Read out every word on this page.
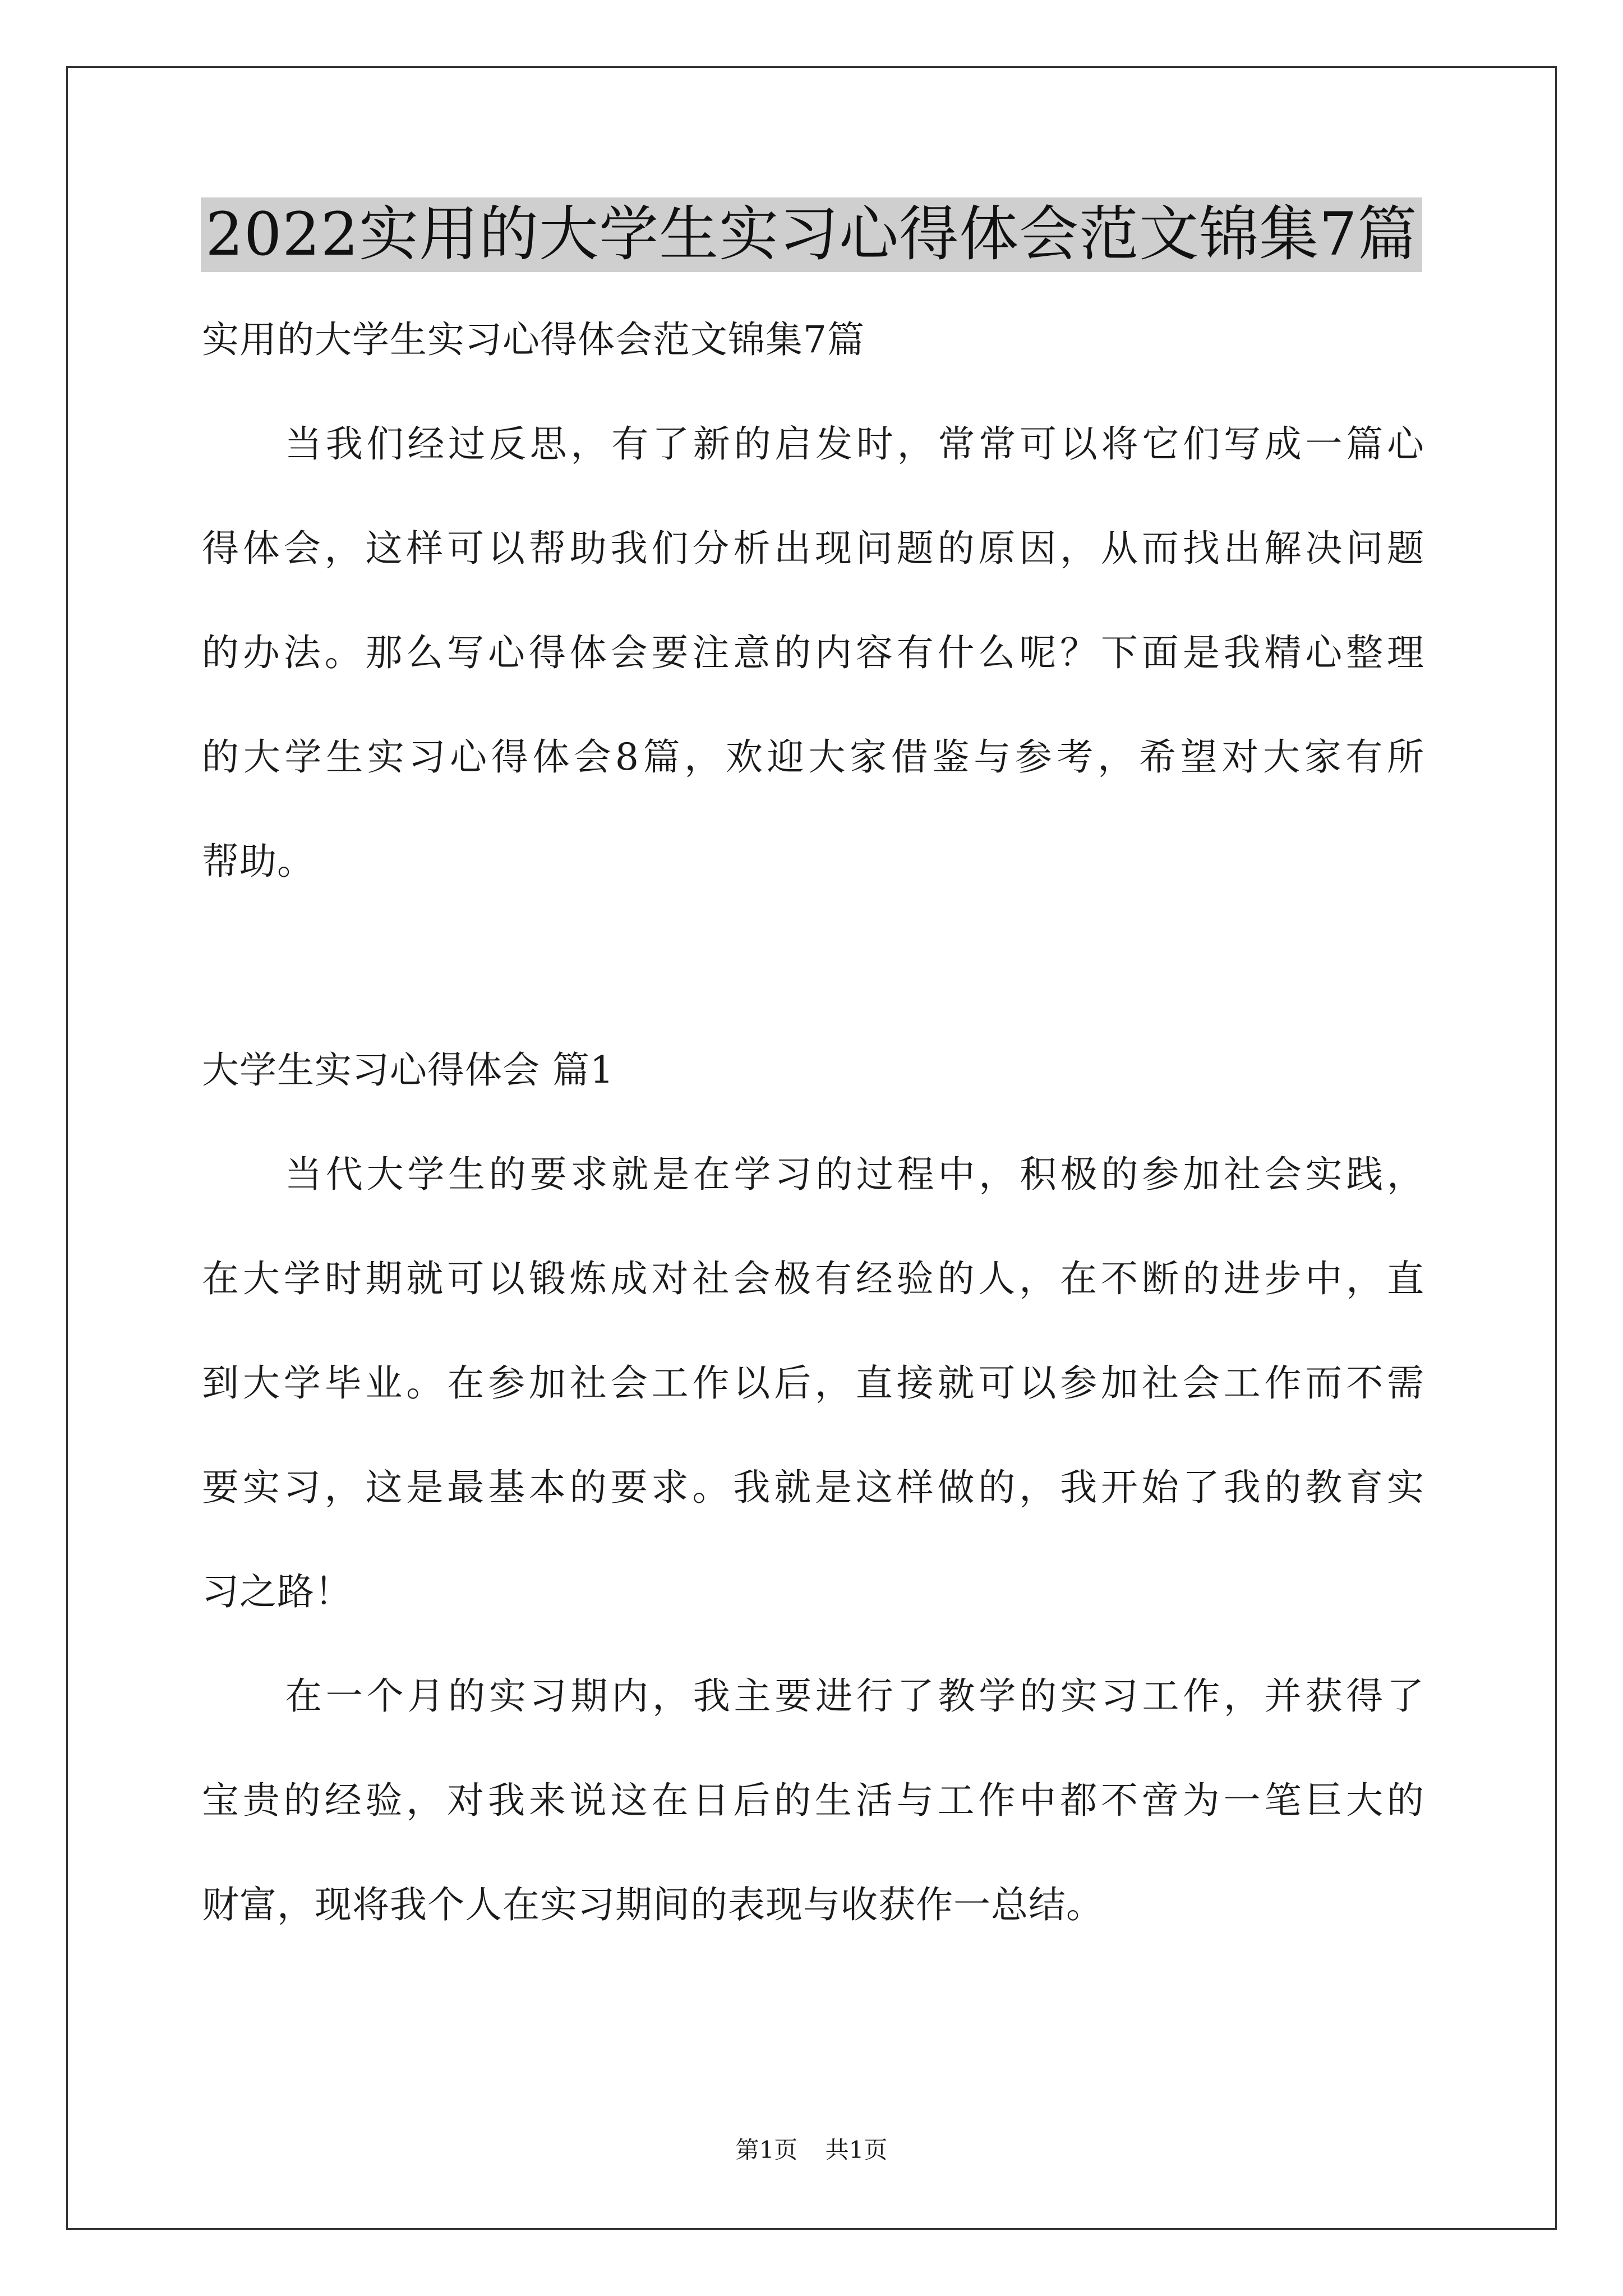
2022实用的大学生实习心得体会范文锦集7篇

实用的大学生实习心得体会范文锦集7篇

当我们经过反思，有了新的启发时，常常可以将它们写成一篇心

得体会，这样可以帮助我们分析出现问题的原因，从而找出解决问题

的办法。那么写心得体会要注意的内容有什么呢？下面是我精心整理

的大学生实习心得体会8篇，欢迎大家借鉴与参考，希望对大家有所

帮助。

大学生实习心得体会 篇1

当代大学生的要求就是在学习的过程中，积极的参加社会实践，

在大学时期就可以锻炼成对社会极有经验的人，在不断的进步中，直

到大学毕业。在参加社会工作以后，直接就可以参加社会工作而不需

要实习，这是最基本的要求。我就是这样做的，我开始了我的教育实

习之路！

在一个月的实习期内，我主要进行了教学的实习工作，并获得了

宝贵的经验，对我来说这在日后的生活与工作中都不啻为一笔巨大的

财富，现将我个人在实习期间的表现与收获作一总结。

第1页 共1页
